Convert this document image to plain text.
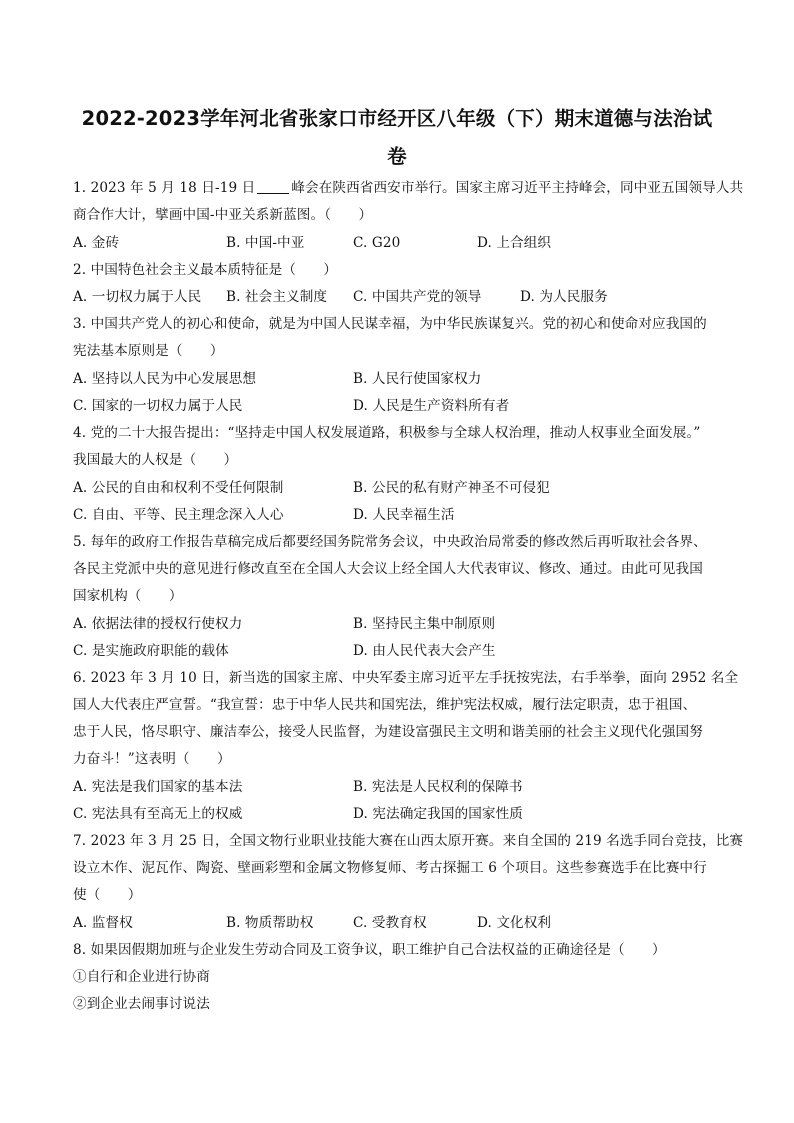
2022-2023学年河北省张家口市经开区八年级（下）期末道德与法治试
卷
1. 2023 年 5 月 18 日-19 日	峰会在陕西省西安市举行。国家主席习近平主持峰会，同中亚五国领导人共
商合作大计，擘画中国-中亚关系新蓝图。（　　）
A. 金砖	B. 中国-中亚	C. G20	D. 上合组织
2. 中国特色社会主义最本质特征是（　　）
A. 一切权力属于人民 B. 社会主义制度 C. 中国共产党的领导	D. 为人民服务
3. 中国共产党人的初心和使命，就是为中国人民谋幸福，为中华民族谋复兴。党的初心和使命对应我国的
宪法基本原则是（　　）
A. 坚持以人民为中心发展思想	B. 人民行使国家权力
C. 国家的一切权力属于人民	D. 人民是生产资料所有者
4. 党的二十大报告提出：“坚持走中国人权发展道路，积极参与全球人权治理，推动人权事业全面发展。”
我国最大的人权是（　　）
A. 公民的自由和权利不受任何限制	B. 公民的私有财产神圣不可侵犯
C. 自由、平等、民主理念深入人心	D. 人民幸福生活
5. 每年的政府工作报告草稿完成后都要经国务院常务会议，中央政治局常委的修改然后再听取社会各界、
各民主党派中央的意见进行修改直至在全国人大会议上经全国人大代表审议、修改、通过。由此可见我国
国家机构（　　）
A. 依据法律的授权行使权力	B. 坚持民主集中制原则
C. 是实施政府职能的载体	D. 由人民代表大会产生
6. 2023 年 3 月 10 日，新当选的国家主席、中央军委主席习近平左手抚按宪法，右手举拳，面向 2952 名全
国人大代表庄严宣誓。“我宣誓：忠于中华人民共和国宪法，维护宪法权威，履行法定职责，忠于祖国、
忠于人民，恪尽职守、廉洁奉公，接受人民监督，为建设富强民主文明和谐美丽的社会主义现代化强国努
力奋斗！”这表明（　　）
A. 宪法是我们国家的基本法	B. 宪法是人民权利的保障书
C. 宪法具有至高无上的权威	D. 宪法确定我国的国家性质
7. 2023 年 3 月 25 日，全国文物行业职业技能大赛在山西太原开赛。来自全国的 219 名选手同台竞技，比赛
设立木作、泥瓦作、陶瓷、壁画彩塑和金属文物修复师、考古探掘工 6 个项目。这些参赛选手在比赛中行
使（　　）
A. 监督权	B. 物质帮助权	C. 受教育权	D. 文化权利
8. 如果因假期加班与企业发生劳动合同及工资争议，职工维护自己合法权益的正确途径是（　　）
①自行和企业进行协商
②到企业去闹事讨说法
